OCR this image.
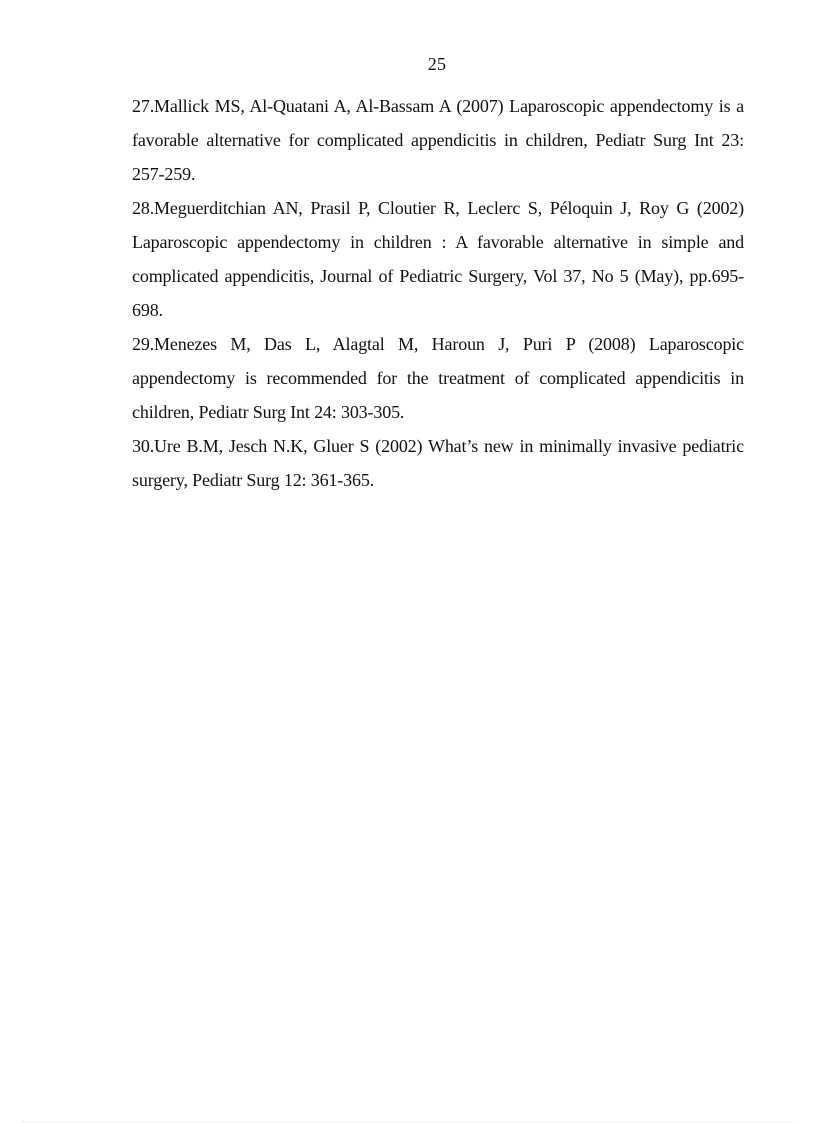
25

27.Mallick MS, Al-Quatani A, Al-Bassam A (2007) Laparoscopic appendectomy is a favorable alternative for complicated appendicitis in children, Pediatr Surg Int 23: 257-259.

28.Meguerditchian AN, Prasil P, Cloutier R, Leclerc S, Péloquin J, Roy G (2002) Laparoscopic appendectomy in children : A favorable alternative in simple and complicated appendicitis, Journal of Pediatric Surgery, Vol 37, No 5 (May), pp.695-698.

29.Menezes M, Das L, Alagtal M, Haroun J, Puri P (2008) Laparoscopic appendectomy is recommended for the treatment of complicated appendicitis in children, Pediatr Surg Int 24: 303-305.

30.Ure B.M, Jesch N.K, Gluer S (2002) What’s new in minimally invasive pediatric surgery, Pediatr Surg 12: 361-365.
